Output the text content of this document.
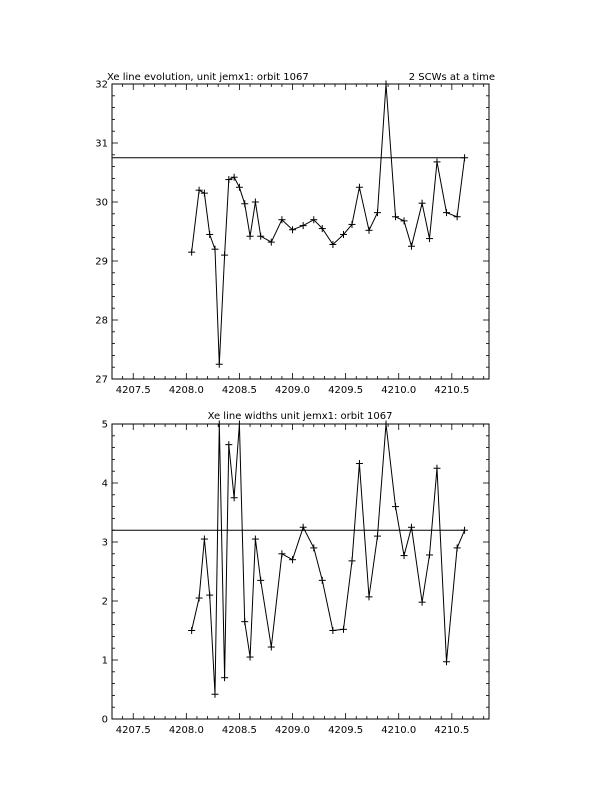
Xe line evolution, unit jemx1: orbit 1067	2 SCWs at a time
4207.5 4208.0 4208.5 4209.0 4209.5 4210.0 4210.5
27
28
29
30
31
32
Xe line widths unit jemx1: orbit 1067
4207.5 4208.0 4208.5 4209.0 4209.5 4210.0 4210.5
0
1
2
3
4
5
